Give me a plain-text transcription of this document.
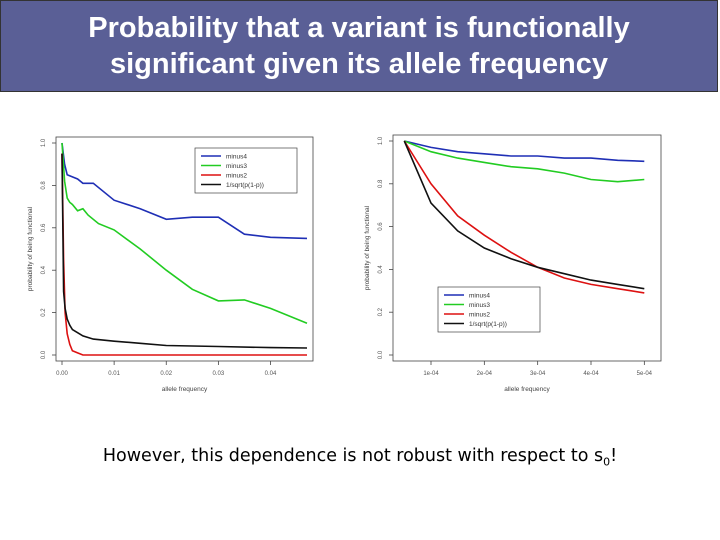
Probability that a variant is functionally
significant given its allele frequency
0.0
0.2
0.4
0.6
0.8
1.0
0.00	0.01	0.02	0.03	0.04
allele frequency
probability of being functional
minus4
minus3
minus2
1/sqrt(p(1-p))
0.0
0.2
0.4
0.6
0.8
1.0
1e-04	2e-04	3e-04	4e-04	5e-04
allele frequency
probability of being functional
minus4
minus3
minus2
1/sqrt(p(1-p))
However, this dependence is not robust with respect to $s_0$!
